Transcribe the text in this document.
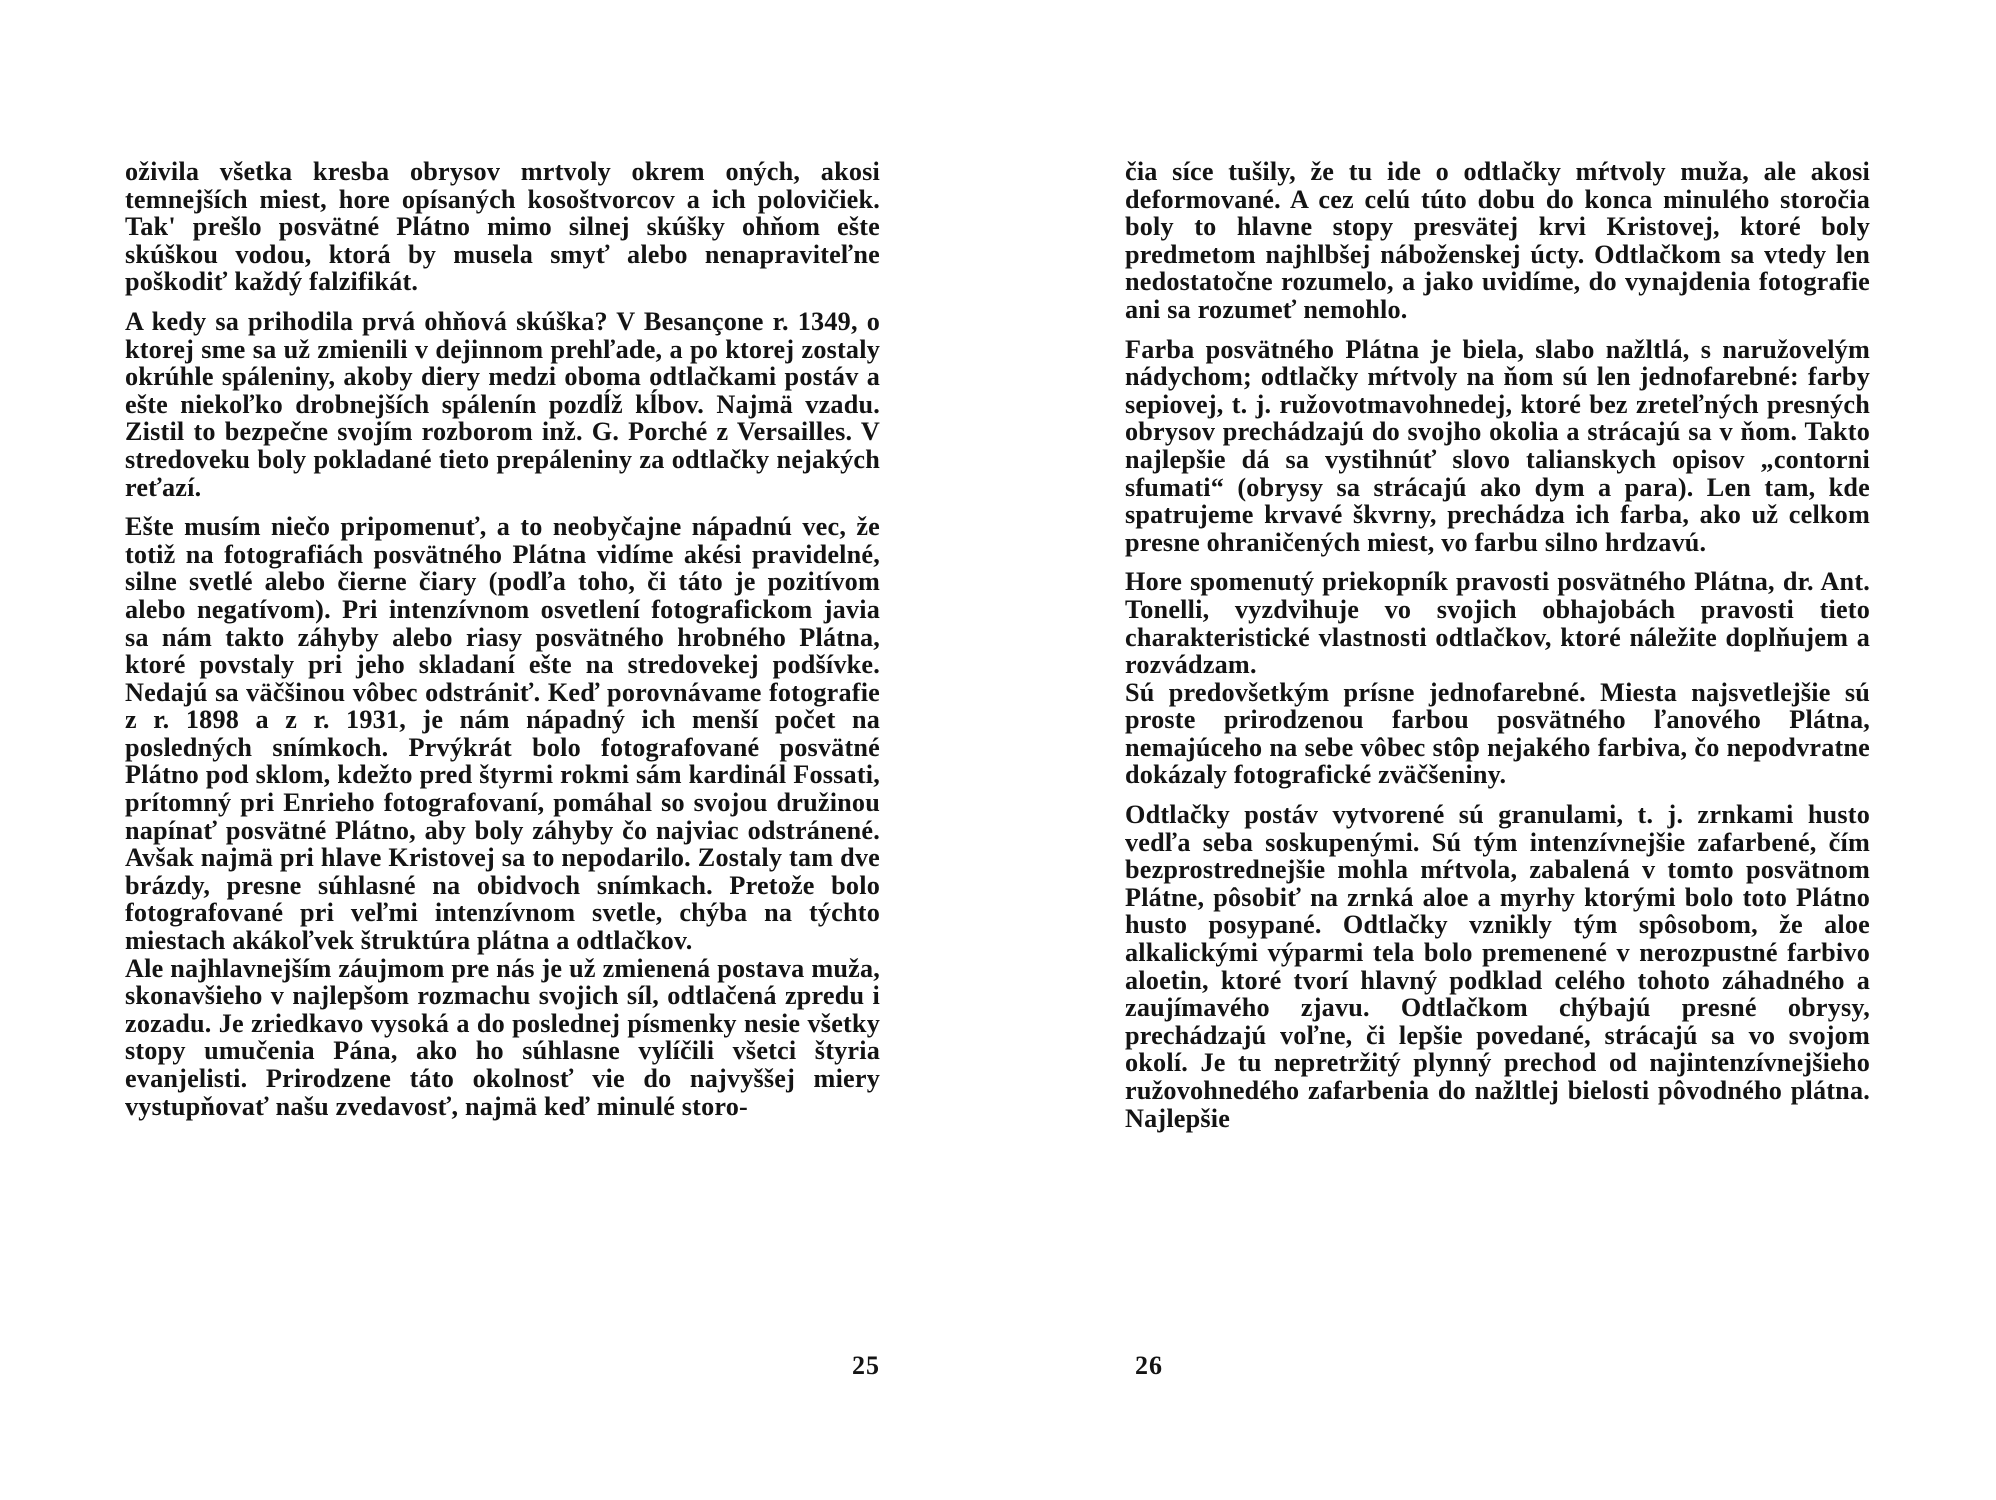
oživila všetka kresba obrysov mrtvoly okrem oných, akosi temnejších miest, hore opísaných kosoštvorcov a ich polovičiek. Tak' prešlo posvätné Plátno mimo silnej skúšky ohňom ešte skúškou vodou, ktorá by musela smyť alebo nenapraviteľne poškodiť každý falzifikát.

A kedy sa prihodila prvá ohňová skúška? V Besançone r. 1349, o ktorej sme sa už zmienili v dejinnom prehľade, a po ktorej zostaly okrúhle spáleniny, akoby diery medzi oboma odtlačkami postáv a ešte niekoľko drobnejších spálenín pozdĺž kĺbov. Najmä vzadu. Zistil to bezpečne svojím rozborom inž. G. Porché z Versailles. V stredoveku boly pokladané tieto prepáleniny za odtlačky nejakých reťazí.

Ešte musím niečo pripomenuť, a to neobyčajne nápadnú vec, že totiž na fotografiách posvätného Plátna vidíme akési pravidelné, silne svetlé alebo čierne čiary (podľa toho, či táto je pozitívom alebo negatívom). Pri intenzívnom osvetlení fotografickom javia sa nám takto záhyby alebo riasy posvätného hrobného Plátna, ktoré povstaly pri jeho skladaní ešte na stredovekej podšívke. Nedajú sa väčšinou vôbec odstrániť. Keď porovnávame fotografie z r. 1898 a z r. 1931, je nám nápadný ich menší počet na posledných snímkoch. Prvýkrát bolo fotografované posvätné Plátno pod sklom, kdežto pred štyrmi rokmi sám kardinál Fossati, prítomný pri Enrieho fotografovaní, pomáhal so svojou družinou napínať posvätné Plátno, aby boly záhyby čo najviac odstránené. Avšak najmä pri hlave Kristovej sa to nepodarilo. Zostaly tam dve brázdy, presne súhlasné na obidvoch snímkach. Pretože bolo fotografované pri veľmi intenzívnom svetle, chýba na týchto miestach akákoľvek štruktúra plátna a odtlačkov.

Ale najhlavnejším záujmom pre nás je už zmienená postava muža, skonavšieho v najlepšom rozmachu svojich síl, odtlačená zpredu i zozadu. Je zriedkavo vysoká a do poslednej písmenky nesie všetky stopy umučenia Pána, ako ho súhlasne vylíčili všetci štyria evanjelisti. Prirodzene táto okolnosť vie do najvyššej miery vystupňovať našu zvedavosť, najmä keď minulé storo-

25

čia síce tušily, že tu ide o odtlačky mŕtvoly muža, ale akosi deformované. A cez celú túto dobu do konca minulého storočia boly to hlavne stopy presvätej krvi Kristovej, ktoré boly predmetom najhlbšej náboženskej úcty. Odtlačkom sa vtedy len nedostatočne rozumelo, a jako uvidíme, do vynajdenia fotografie ani sa rozumeť nemohlo.

Farba posvätného Plátna je biela, slabo nažltlá, s naružovelým nádychom; odtlačky mŕtvoly na ňom sú len jednofarebné: farby sepiovej, t. j. ružovotmavohnedej, ktoré bez zreteľných presných obrysov prechádzajú do svojho okolia a strácajú sa v ňom. Takto najlepšie dá sa vystihnúť slovo talianskych opisov „contorni sfumati“ (obrysy sa strácajú ako dym a para). Len tam, kde spatrujeme krvavé škvrny, prechádza ich farba, ako už celkom presne ohraničených miest, vo farbu silno hrdzavú.

Hore spomenutý priekopník pravosti posvätného Plátna, dr. Ant. Tonelli, vyzdvihuje vo svojich obhajobách pravosti tieto charakteristické vlastnosti odtlačkov, ktoré náležite doplňujem a rozvádzam.

Sú predovšetkým prísne jednofarebné. Miesta najsvetlejšie sú proste prirodzenou farbou posvätného ľanového Plátna, nemajúceho na sebe vôbec stôp nejakého farbiva, čo nepodvratne dokázaly fotografické zväčšeniny.

Odtlačky postáv vytvorené sú granulami, t. j. zrnkami husto vedľa seba soskupenými. Sú tým intenzívnejšie zafarbené, čím bezprostrednejšie mohla mŕtvola, zabalená v tomto posvätnom Plátne, pôsobiť na zrnká aloe a myrhy ktorými bolo toto Plátno husto posypané. Odtlačky vznikly tým spôsobom, že aloe alkalickými výparmi tela bolo premenené v nerozpustné farbivo aloetin, ktoré tvorí hlavný podklad celého tohoto záhadného a zaujímavého zjavu. Odtlačkom chýbajú presné obrysy, prechádzajú voľne, či lepšie povedané, strácajú sa vo svojom okolí. Je tu nepretržitý plynný prechod od najintenzívnejšieho ružovohnedého zafarbenia do nažltlej bielosti pôvodného plátna. Najlepšie

26
